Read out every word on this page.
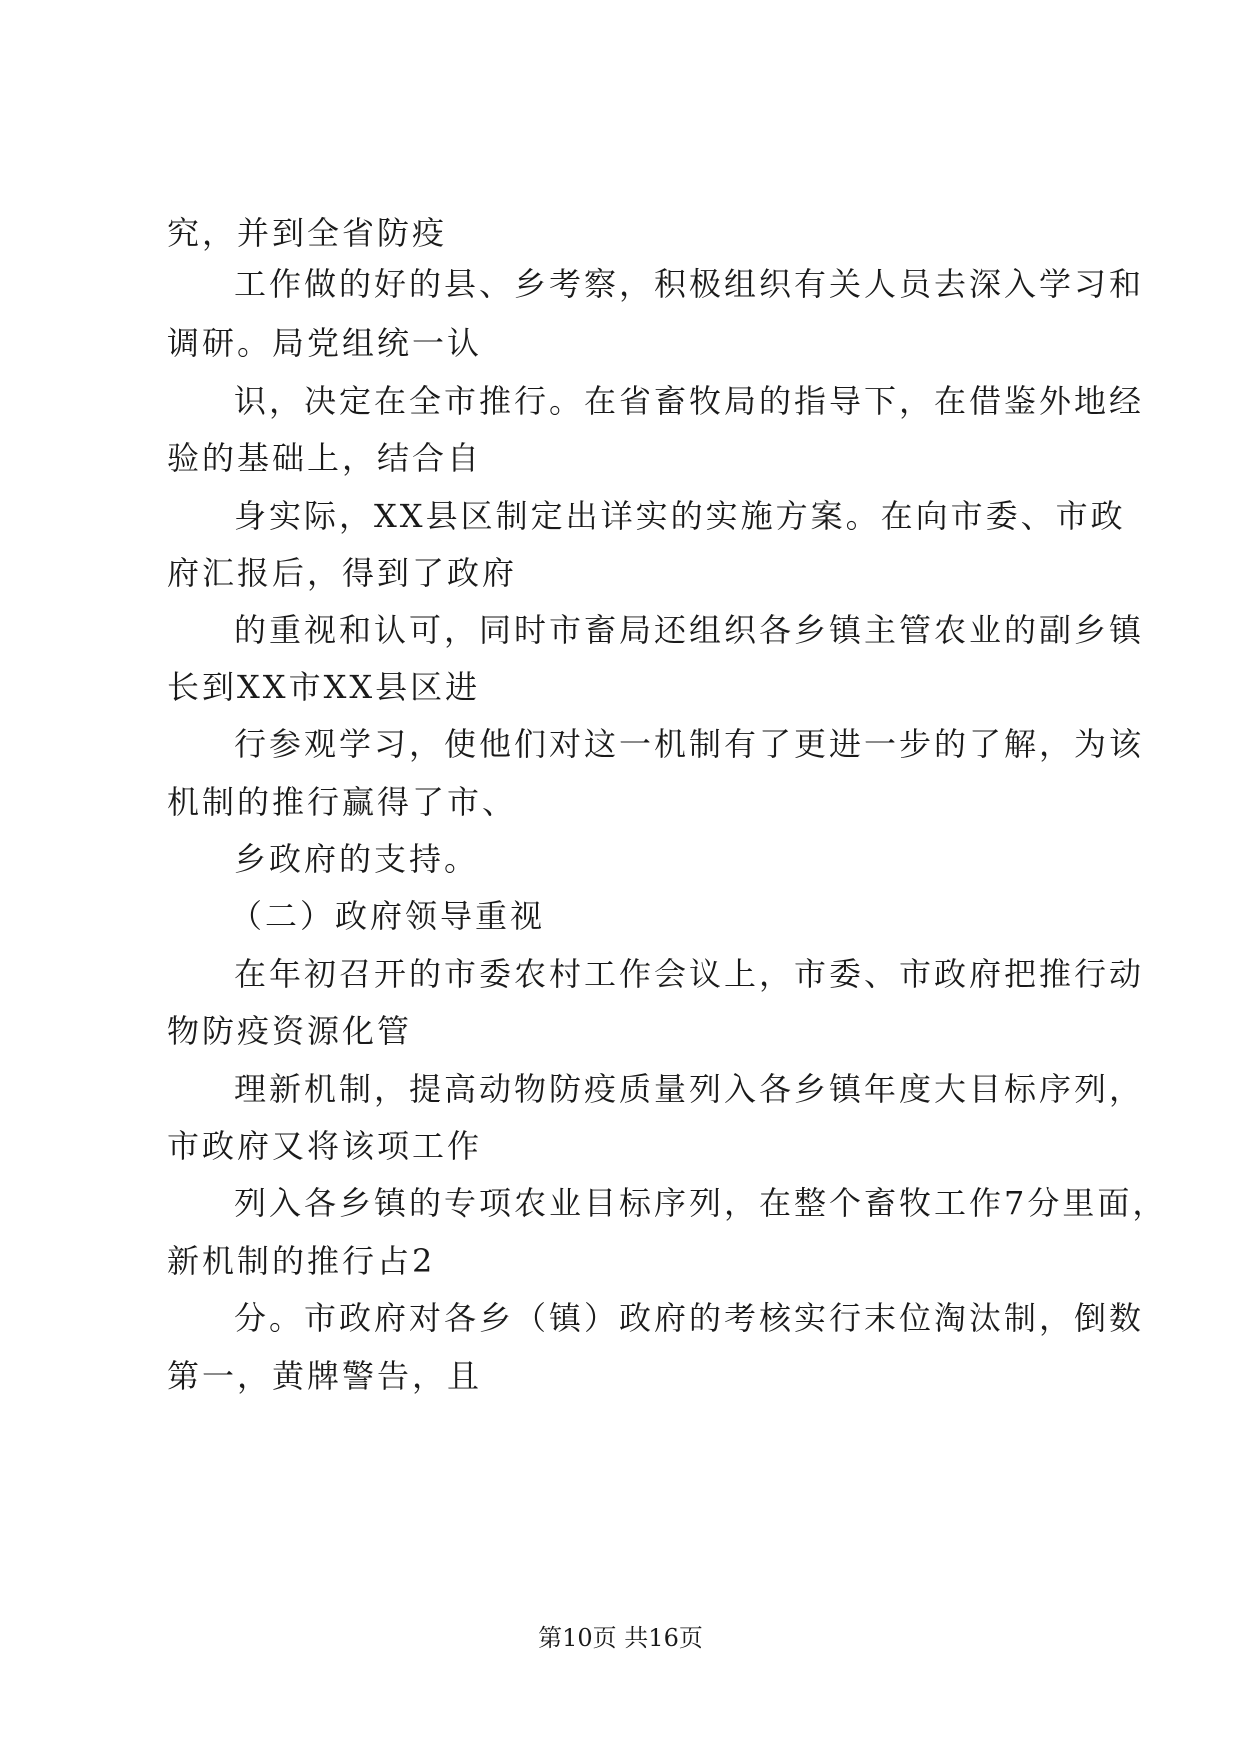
究，并到全省防疫
工作做的好的县、乡考察，积极组织有关人员去深入学习和
调研。局党组统一认
识，决定在全市推行。在省畜牧局的指导下，在借鉴外地经
验的基础上，结合自
身实际，XX县区制定出详实的实施方案。在向市委、市政
府汇报后，得到了政府
的重视和认可，同时市畜局还组织各乡镇主管农业的副乡镇
长到XX市XX县区进
行参观学习，使他们对这一机制有了更进一步的了解，为该
机制的推行赢得了市、
乡政府的支持。
（二）政府领导重视
在年初召开的市委农村工作会议上，市委、市政府把推行动
物防疫资源化管
理新机制，提高动物防疫质量列入各乡镇年度大目标序列，
市政府又将该项工作
列入各乡镇的专项农业目标序列，在整个畜牧工作7分里面，
新机制的推行占2
分。市政府对各乡（镇）政府的考核实行末位淘汰制，倒数
第一，黄牌警告，且
第10页 共16页
